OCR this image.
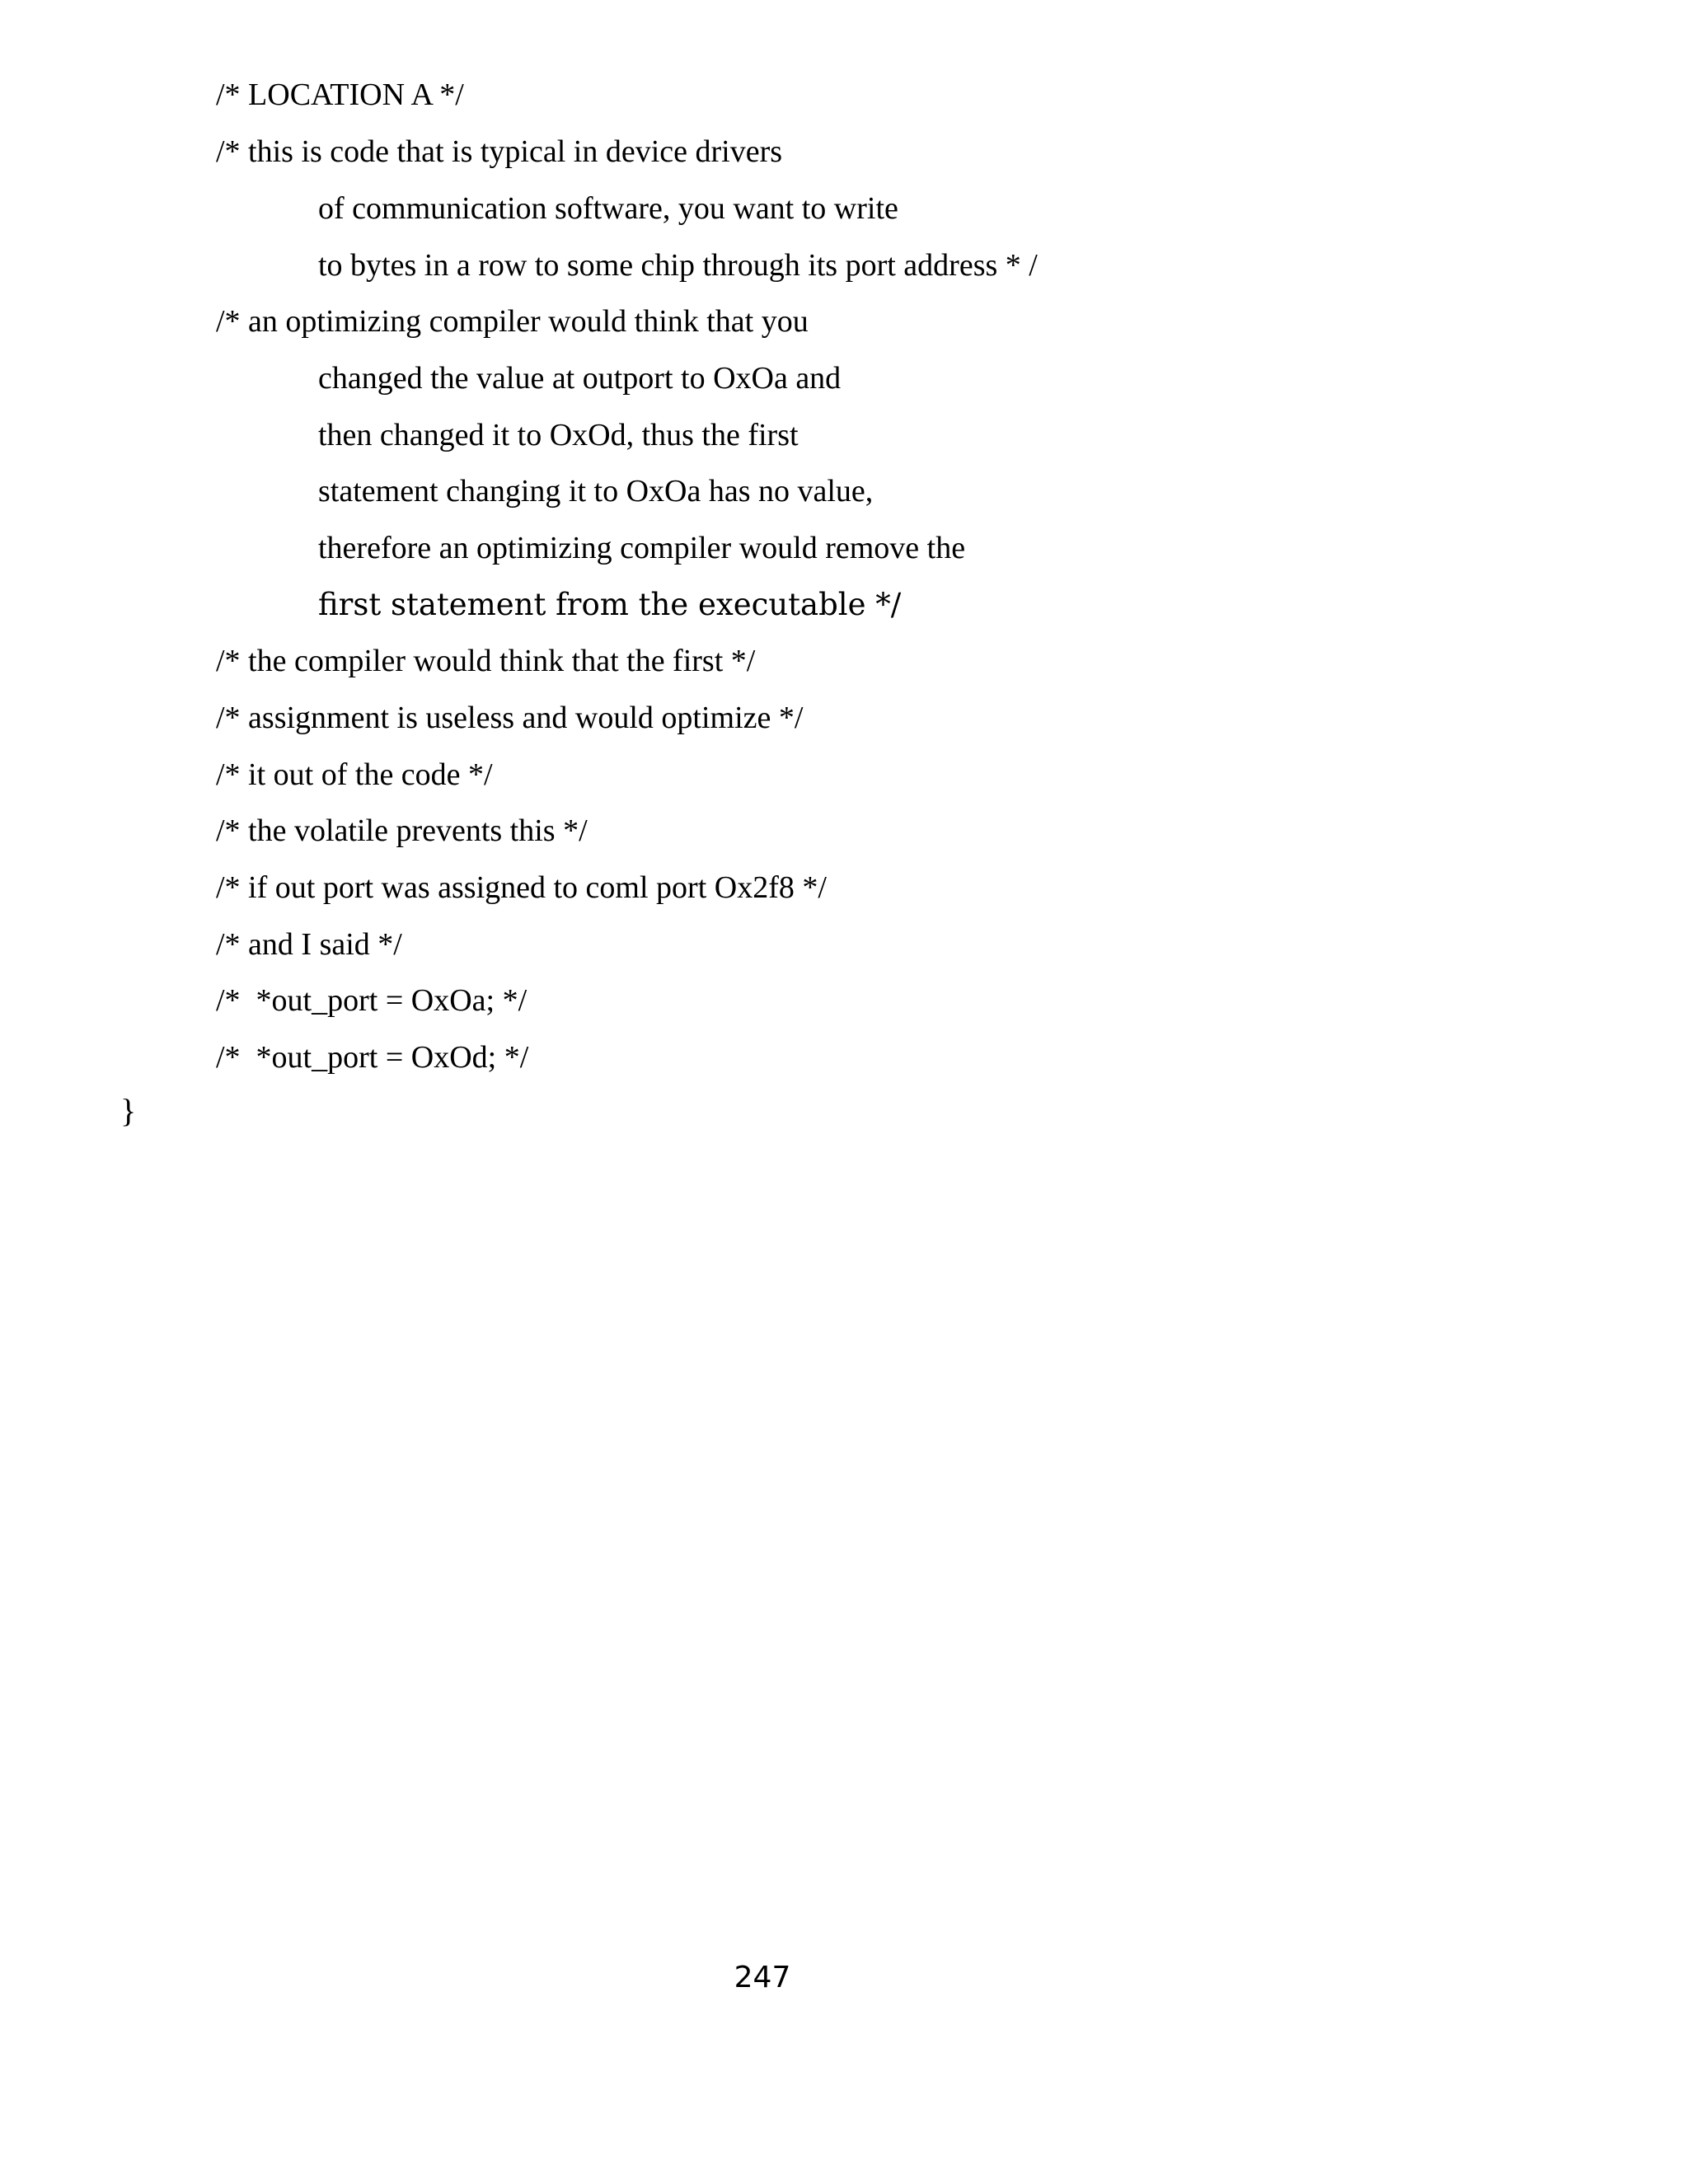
/* LOCATION A */
/* this is code that is typical in device drivers
of communication software, you want to write
to bytes in a row to some chip through its port address * /
/* an optimizing compiler would think that you
changed the value at outport to OxOa and
then changed it to OxOd, thus the first
statement changing it to OxOa has no value,
therefore an optimizing compiler would remove the
first statement from the executable */
/* the compiler would think that the first */
/* assignment is useless and would optimize */
/* it out of the code */
/* the volatile prevents this */
/* if out port was assigned to coml port Ox2f8 */
/* and I said */
/*  *out_port = OxOa; */
/*  *out_port = OxOd; */
}
247
